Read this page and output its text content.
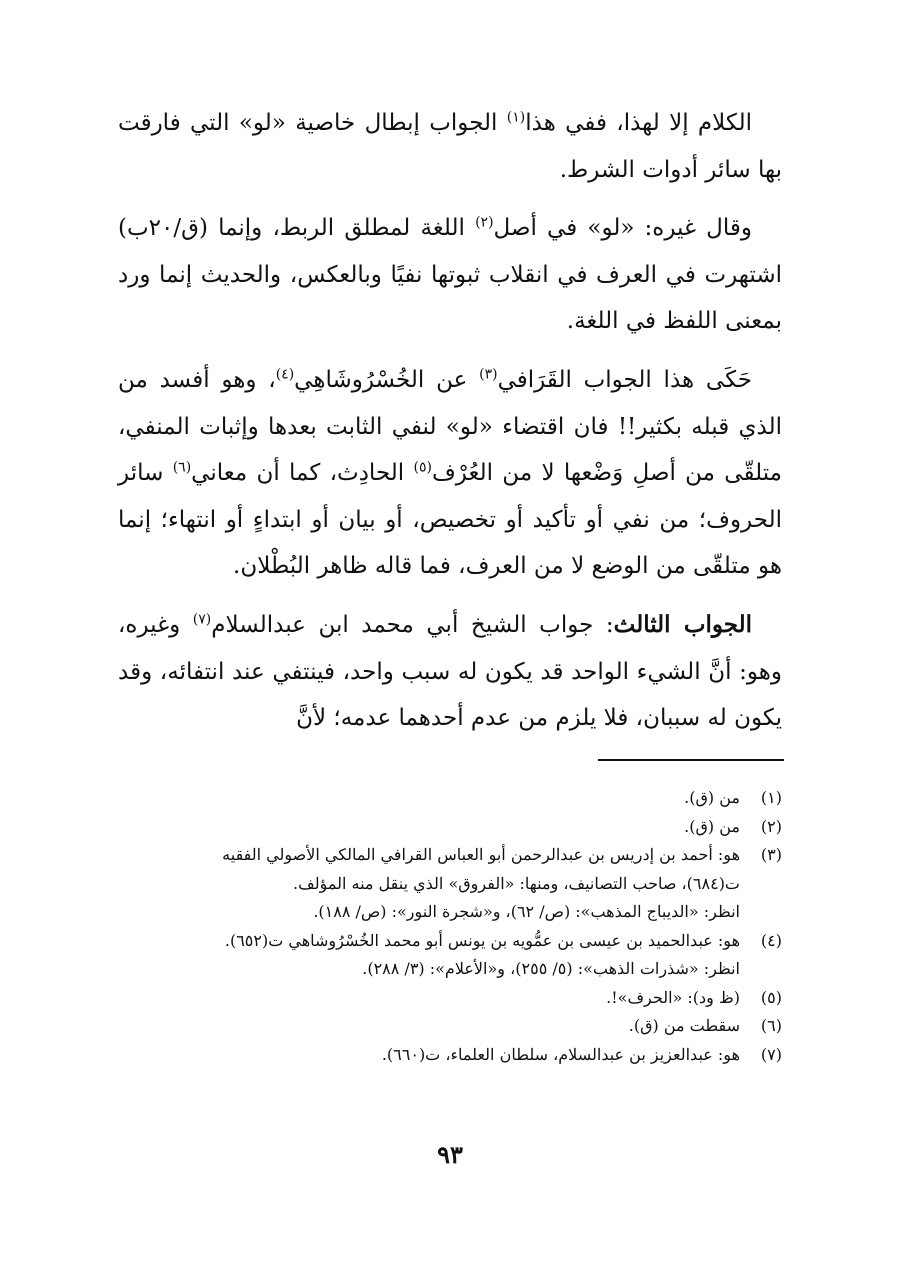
الكلام إلا لهذا، ففي هذا$^{(١)}$ الجواب إبطال خاصية «لو» التي فارقت بها سائر أدوات الشرط.

وقال غيره: «لو» في أصل$^{(٢)}$ اللغة لمطلق الربط، وإنما (ق/٢٠ب) اشتهرت في العرف في انقلاب ثبوتها نفيًا وبالعكس، والحديث إنما ورد بمعنى اللفظ في اللغة.

حَكَى هذا الجواب القَرَافي$^{(٣)}$ عن الخُسْرُوشَاهِي$^{(٤)}$، وهو أفسد من الذي قبله بكثير!! فان اقتضاء «لو» لنفي الثابت بعدها وإثبات المنفي، متلقّى من أصلِ وَضْعها لا من العُرْف$^{(٥)}$ الحادِث، كما أن معاني$^{(٦)}$ سائر الحروف؛ من نفي أو تأكيد أو تخصيص، أو بيان أو ابتداءٍ أو انتهاء؛ إنما هو متلقّى من الوضع لا من العرف، فما قاله ظاهر البُطْلان.

الجواب الثالث: جواب الشيخ أبي محمد ابن عبدالسلام$^{(٧)}$ وغيره، وهو: أنَّ الشيء الواحد قد يكون له سبب واحد، فينتفي عند انتفائه، وقد يكون له سببان، فلا يلزم من عدم أحدهما عدمه؛ لأنَّ

(١)
من (ق).
(٢)
من (ق).
(٣)
هو: أحمد بن إدريس بن عبدالرحمن أبو العباس القرافي المالكي الأصولي الفقيه
ت(٦٨٤)، صاحب التصانيف، ومنها: «الفروق» الذي ينقل منه المؤلف.
انظر: «الديباج المذهب»: (ص/ ٦٢)، و«شجرة النور»: (ص/ ١٨٨).
(٤)
هو: عبدالحميد بن عيسى بن عمُّويه بن يونس أبو محمد الخُسْرُوشاهي ت(٦٥٢).
انظر: «شذرات الذهب»: (٥/ ٢٥٥)، و«الأعلام»: (٣/ ٢٨٨).
(٥)
(ظ ود): «الحرف»!.
(٦)
سقطت من (ق).
(٧)
هو: عبدالعزيز بن عبدالسلام، سلطان العلماء، ت(٦٦٠).
٩٣
